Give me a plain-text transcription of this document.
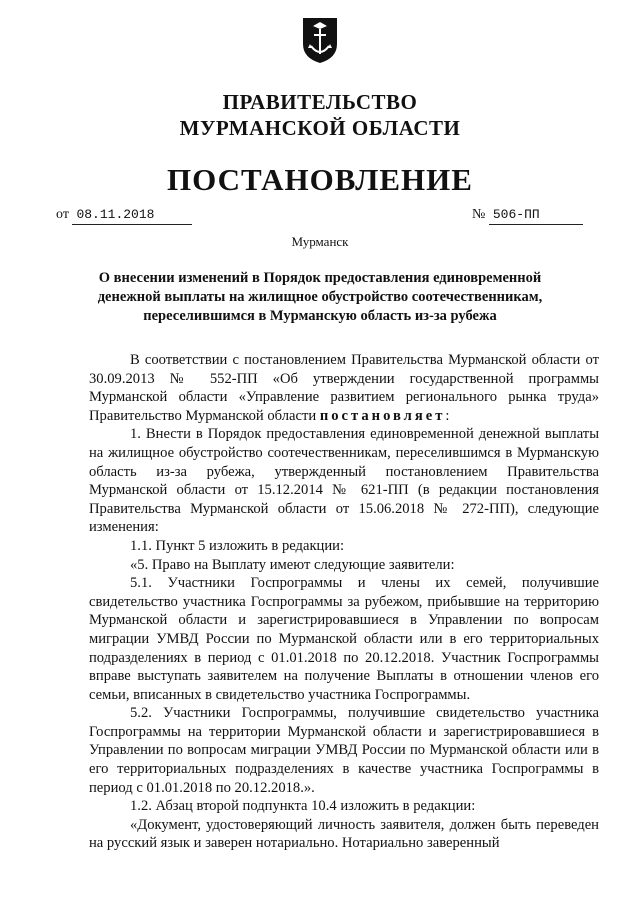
ПРАВИТЕЛЬСТВО
МУРМАНСКОЙ ОБЛАСТИ
ПОСТАНОВЛЕНИЕ
от 08.11.2018	№ 506-ПП
Мурманск
О внесении изменений в Порядок предоставления единовременной денежной выплаты на жилищное обустройство соотечественникам, переселившимся в Мурманскую область из-за рубежа

В соответствии с постановлением Правительства Мурманской области от 30.09.2013 № 552-ПП «Об утверждении государственной программы Мурманской области «Управление развитием регионального рынка труда» Правительство Мурманской области постановляет:

1. Внести в Порядок предоставления единовременной денежной выплаты на жилищное обустройство соотечественникам, переселившимся в Мурманскую область из-за рубежа, утвержденный постановлением Правительства Мурманской области от 15.12.2014 № 621-ПП (в редакции постановления Правительства Мурманской области от 15.06.2018 № 272-ПП), следующие изменения:

1.1. Пункт 5 изложить в редакции:

«5. Право на Выплату имеют следующие заявители:

5.1. Участники Госпрограммы и члены их семей, получившие свидетельство участника Госпрограммы за рубежом, прибывшие на территорию Мурманской области и зарегистрировавшиеся в Управлении по вопросам миграции УМВД России по Мурманской области или в его территориальных подразделениях в период с 01.01.2018 по 20.12.2018. Участник Госпрограммы вправе выступать заявителем на получение Выплаты в отношении членов его семьи, вписанных в свидетельство участника Госпрограммы.

5.2. Участники Госпрограммы, получившие свидетельство участника Госпрограммы на территории Мурманской области и зарегистрировавшиеся в Управлении по вопросам миграции УМВД России по Мурманской области или в его территориальных подразделениях в качестве участника Госпрограммы в период с 01.01.2018 по 20.12.2018.».

1.2. Абзац второй подпункта 10.4 изложить в редакции:

«Документ, удостоверяющий личность заявителя, должен быть переведен на русский язык и заверен нотариально. Нотариально заверенный
